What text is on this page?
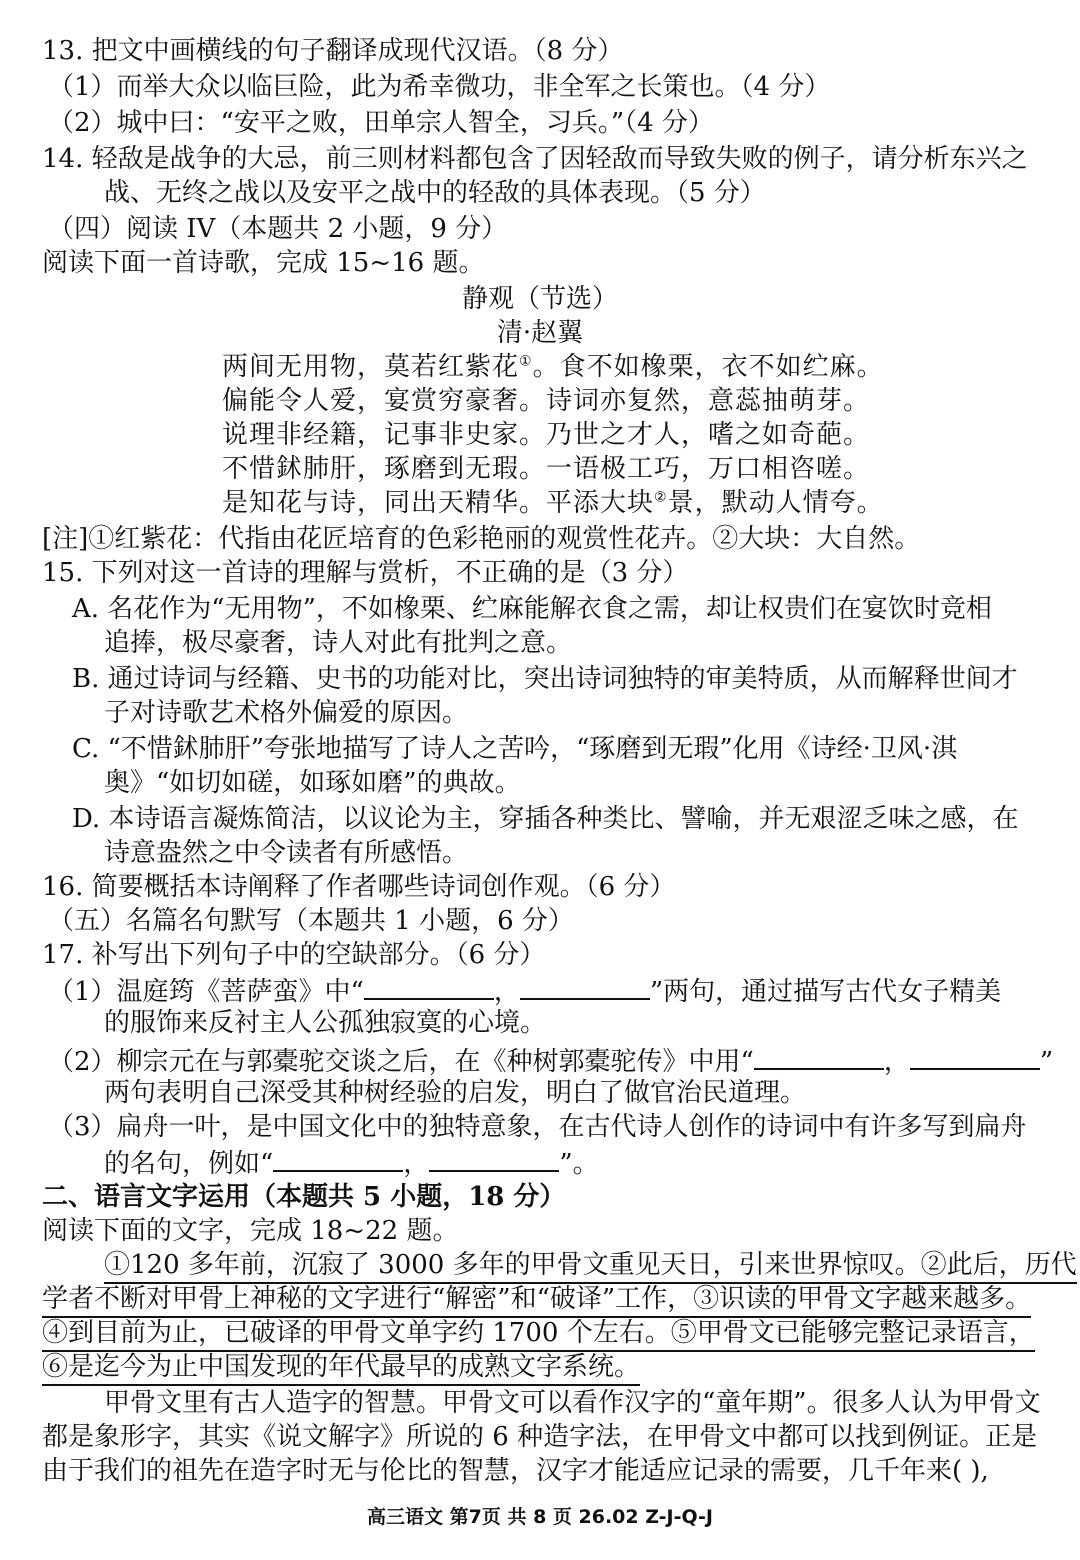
13. 把文中画横线的句子翻译成现代汉语。（8 分）
（1）而举大众以临巨险，此为希幸微功，非全军之长策也。（4 分）
（2）城中曰：“安平之败，田单宗人智全，习兵。”（4 分）
14. 轻敌是战争的大忌，前三则材料都包含了因轻敌而导致失败的例子，请分析东兴之
战、无终之战以及安平之战中的轻敌的具体表现。（5 分）
（四）阅读 IV（本题共 2 小题，9 分）
阅读下面一首诗歌，完成 15~16 题。
静观（节选）
清·赵翼
两间无用物，莫若红紫花①。食不如橡栗，衣不如纻麻。
偏能令人爱，宴赏穷豪奢。诗词亦复然，意蕊抽萌芽。
说理非经籍，记事非史家。乃世之才人，嗜之如奇葩。
不惜鉥肺肝，琢磨到无瑕。一语极工巧，万口相咨嗟。
是知花与诗，同出天精华。平添大块②景，默动人情夸。
[注]①红紫花：代指由花匠培育的色彩艳丽的观赏性花卉。②大块：大自然。
15. 下列对这一首诗的理解与赏析，不正确的是（3 分）
A. 名花作为“无用物”，不如橡栗、纻麻能解衣食之需，却让权贵们在宴饮时竞相
追捧，极尽豪奢，诗人对此有批判之意。
B. 通过诗词与经籍、史书的功能对比，突出诗词独特的审美特质，从而解释世间才
子对诗歌艺术格外偏爱的原因。
C. “不惜鉥肺肝”夸张地描写了诗人之苦吟，“琢磨到无瑕”化用《诗经·卫风·淇
奥》“如切如磋，如琢如磨”的典故。
D. 本诗语言凝炼简洁，以议论为主，穿插各种类比、譬喻，并无艰涩乏味之感，在
诗意盎然之中令读者有所感悟。
16. 简要概括本诗阐释了作者哪些诗词创作观。（6 分）
（五）名篇名句默写（本题共 1 小题，6 分）
17. 补写出下列句子中的空缺部分。（6 分）
（1）温庭筠《菩萨蛮》中“	，	”两句，通过描写古代女子精美
的服饰来反衬主人公孤独寂寞的心境。
（2）柳宗元在与郭橐驼交谈之后，在《种树郭橐驼传》中用“	，	”
两句表明自己深受其种树经验的启发，明白了做官治民道理。
（3）扁舟一叶，是中国文化中的独特意象，在古代诗人创作的诗词中有许多写到扁舟
的名句，例如“	，	”。
二、语言文字运用（本题共 5 小题，18 分）
阅读下面的文字，完成 18~22 题。
①120 多年前，沉寂了 3000 多年的甲骨文重见天日，引来世界惊叹。②此后，历代
学者不断对甲骨上神秘的文字进行“解密”和“破译”工作，③识读的甲骨文字越来越多。
④到目前为止，已破译的甲骨文单字约 1700 个左右。⑤甲骨文已能够完整记录语言，
⑥是迄今为止中国发现的年代最早的成熟文字系统。
甲骨文里有古人造字的智慧。甲骨文可以看作汉字的“童年期”。很多人认为甲骨文
都是象形字，其实《说文解字》所说的 6 种造字法，在甲骨文中都可以找到例证。正是
由于我们的祖先在造字时无与伦比的智慧，汉字才能适应记录的需要，几千年来( ),
高三语文 第7页 共 8 页 26.02 Z-J-Q-J
